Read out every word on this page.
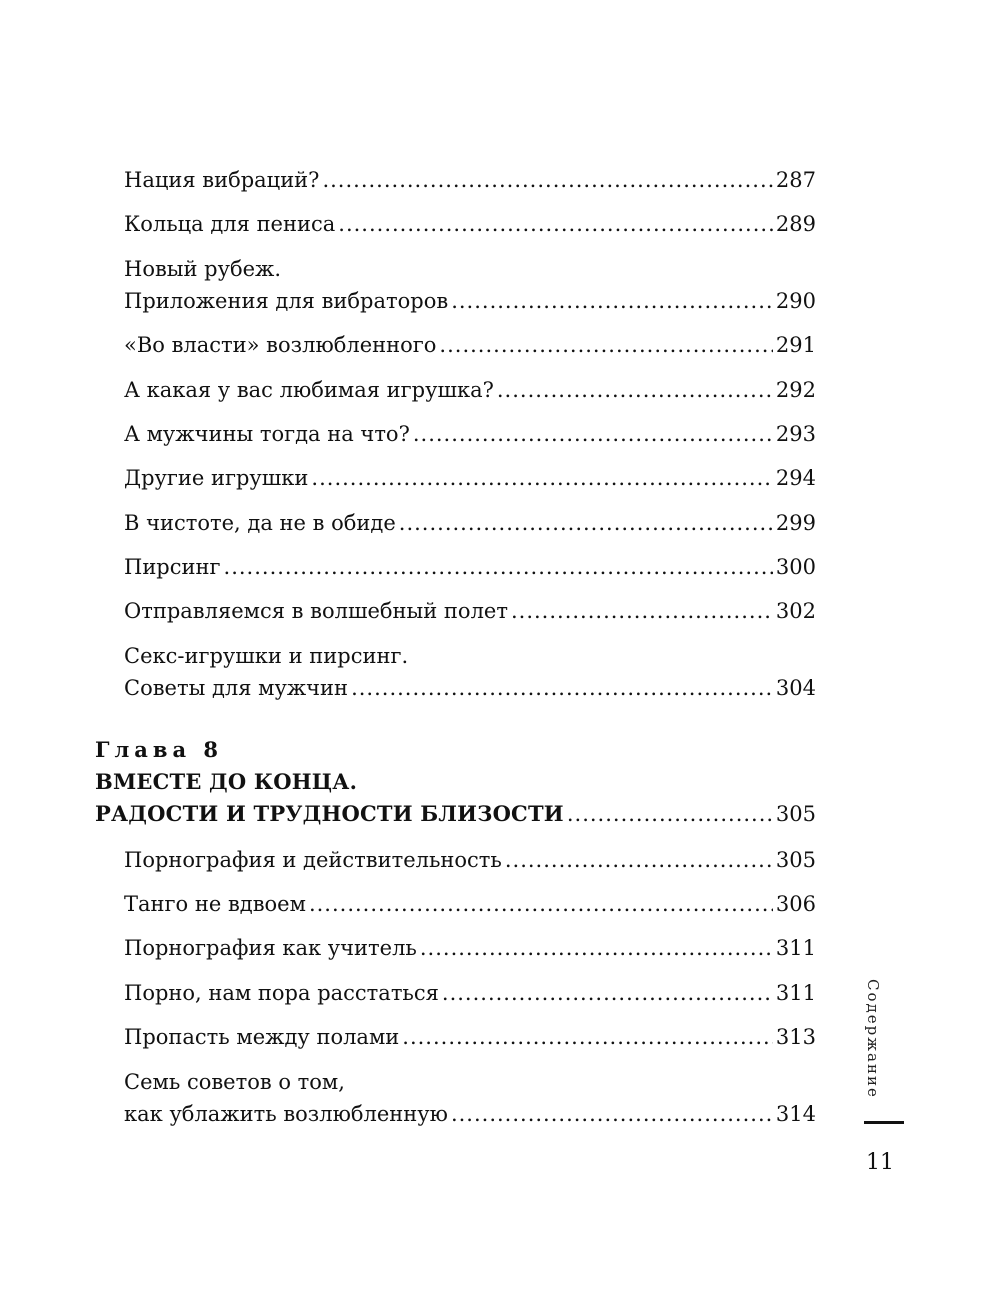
Нация вибраций? .....	287
Кольца для пениса .....	289
Новый рубеж.
Приложения для вибраторов .....	290
«Во власти» возлюбленного .....	291
А какая у вас любимая игрушка? .....	292
А мужчины тогда на что? .....	293
Другие игрушки .....	294
В чистоте, да не в обиде .....	299
Пирсинг .....	300
Отправляемся в волшебный полет .....	302
Секс-игрушки и пирсинг.
Советы для мужчин .....	304
Глава 8
ВМЕСТЕ ДО КОНЦА.
РАДОСТИ И ТРУДНОСТИ БЛИЗОСТИ .....	305
Порнография и действительность .....	305
Танго не вдвоем .....	306
Порнография как учитель .....	311
Порно, нам пора расстаться .....	311
Пропасть между полами .....	313
Семь советов о том,
как ублажить возлюбленную .....	314
Содержание
11
